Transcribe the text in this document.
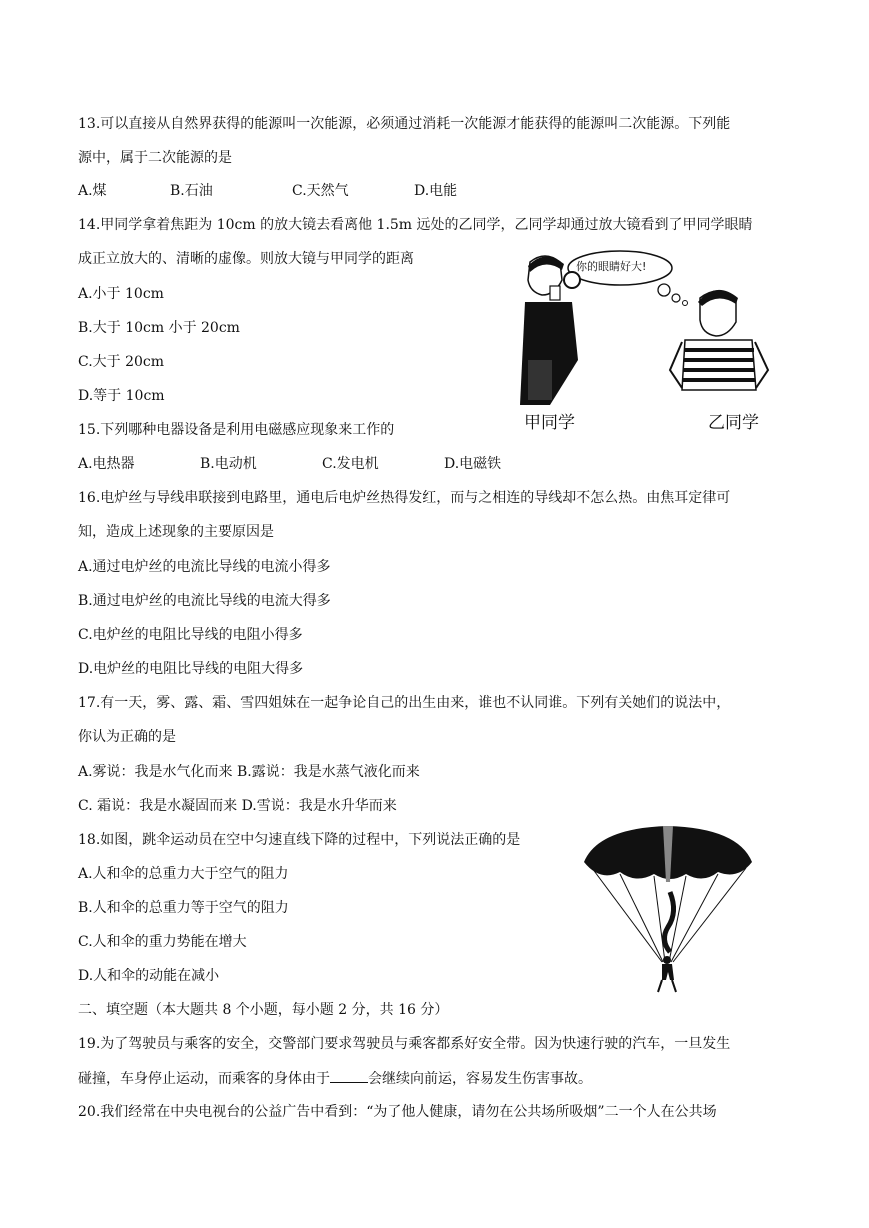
13.可以直接从自然界获得的能源叫一次能源，必须通过消耗一次能源才能获得的能源叫二次能源。下列能
源中，属于二次能源的是
A.煤	B.石油	C.天然气	D.电能
14.甲同学拿着焦距为 10cm 的放大镜去看离他 1.5m 远处的乙同学，乙同学却通过放大镜看到了甲同学眼睛
成正立放大的、清晰的虚像。则放大镜与甲同学的距离
A.小于 10cm
B.大于 10cm 小于 20cm
C.大于 20cm
D.等于 10cm
你的眼睛好大!
甲同学	乙同学
15.下列哪种电器设备是利用电磁感应现象来工作的
A.电热器	B.电动机	C.发电机	D.电磁铁
16.电炉丝与导线串联接到电路里，通电后电炉丝热得发红，而与之相连的导线却不怎么热。由焦耳定律可
知，造成上述现象的主要原因是
A.通过电炉丝的电流比导线的电流小得多
B.通过电炉丝的电流比导线的电流大得多
C.电炉丝的电阻比导线的电阻小得多
D.电炉丝的电阻比导线的电阻大得多
17.有一天，雾、露、霜、雪四姐妹在一起争论自己的出生由来，谁也不认同谁。下列有关她们的说法中，
你认为正确的是
A.雾说：我是水气化而来 B.露说：我是水蒸气液化而来
C. 霜说：我是水凝固而来 D.雪说：我是水升华而来
18.如图，跳伞运动员在空中匀速直线下降的过程中，下列说法正确的是
A.人和伞的总重力大于空气的阻力
B.人和伞的总重力等于空气的阻力
C.人和伞的重力势能在增大
D.人和伞的动能在减小
二、填空题（本大题共 8 个小题，每小题 2 分，共 16 分）
19.为了驾驶员与乘客的安全，交警部门要求驾驶员与乘客都系好安全带。因为快速行驶的汽车，一旦发生
碰撞，车身停止运动，而乘客的身体由于	会继续向前运，容易发生伤害事故。
20.我们经常在中央电视台的公益广告中看到：“为了他人健康，请勿在公共场所吸烟”二一个人在公共场
